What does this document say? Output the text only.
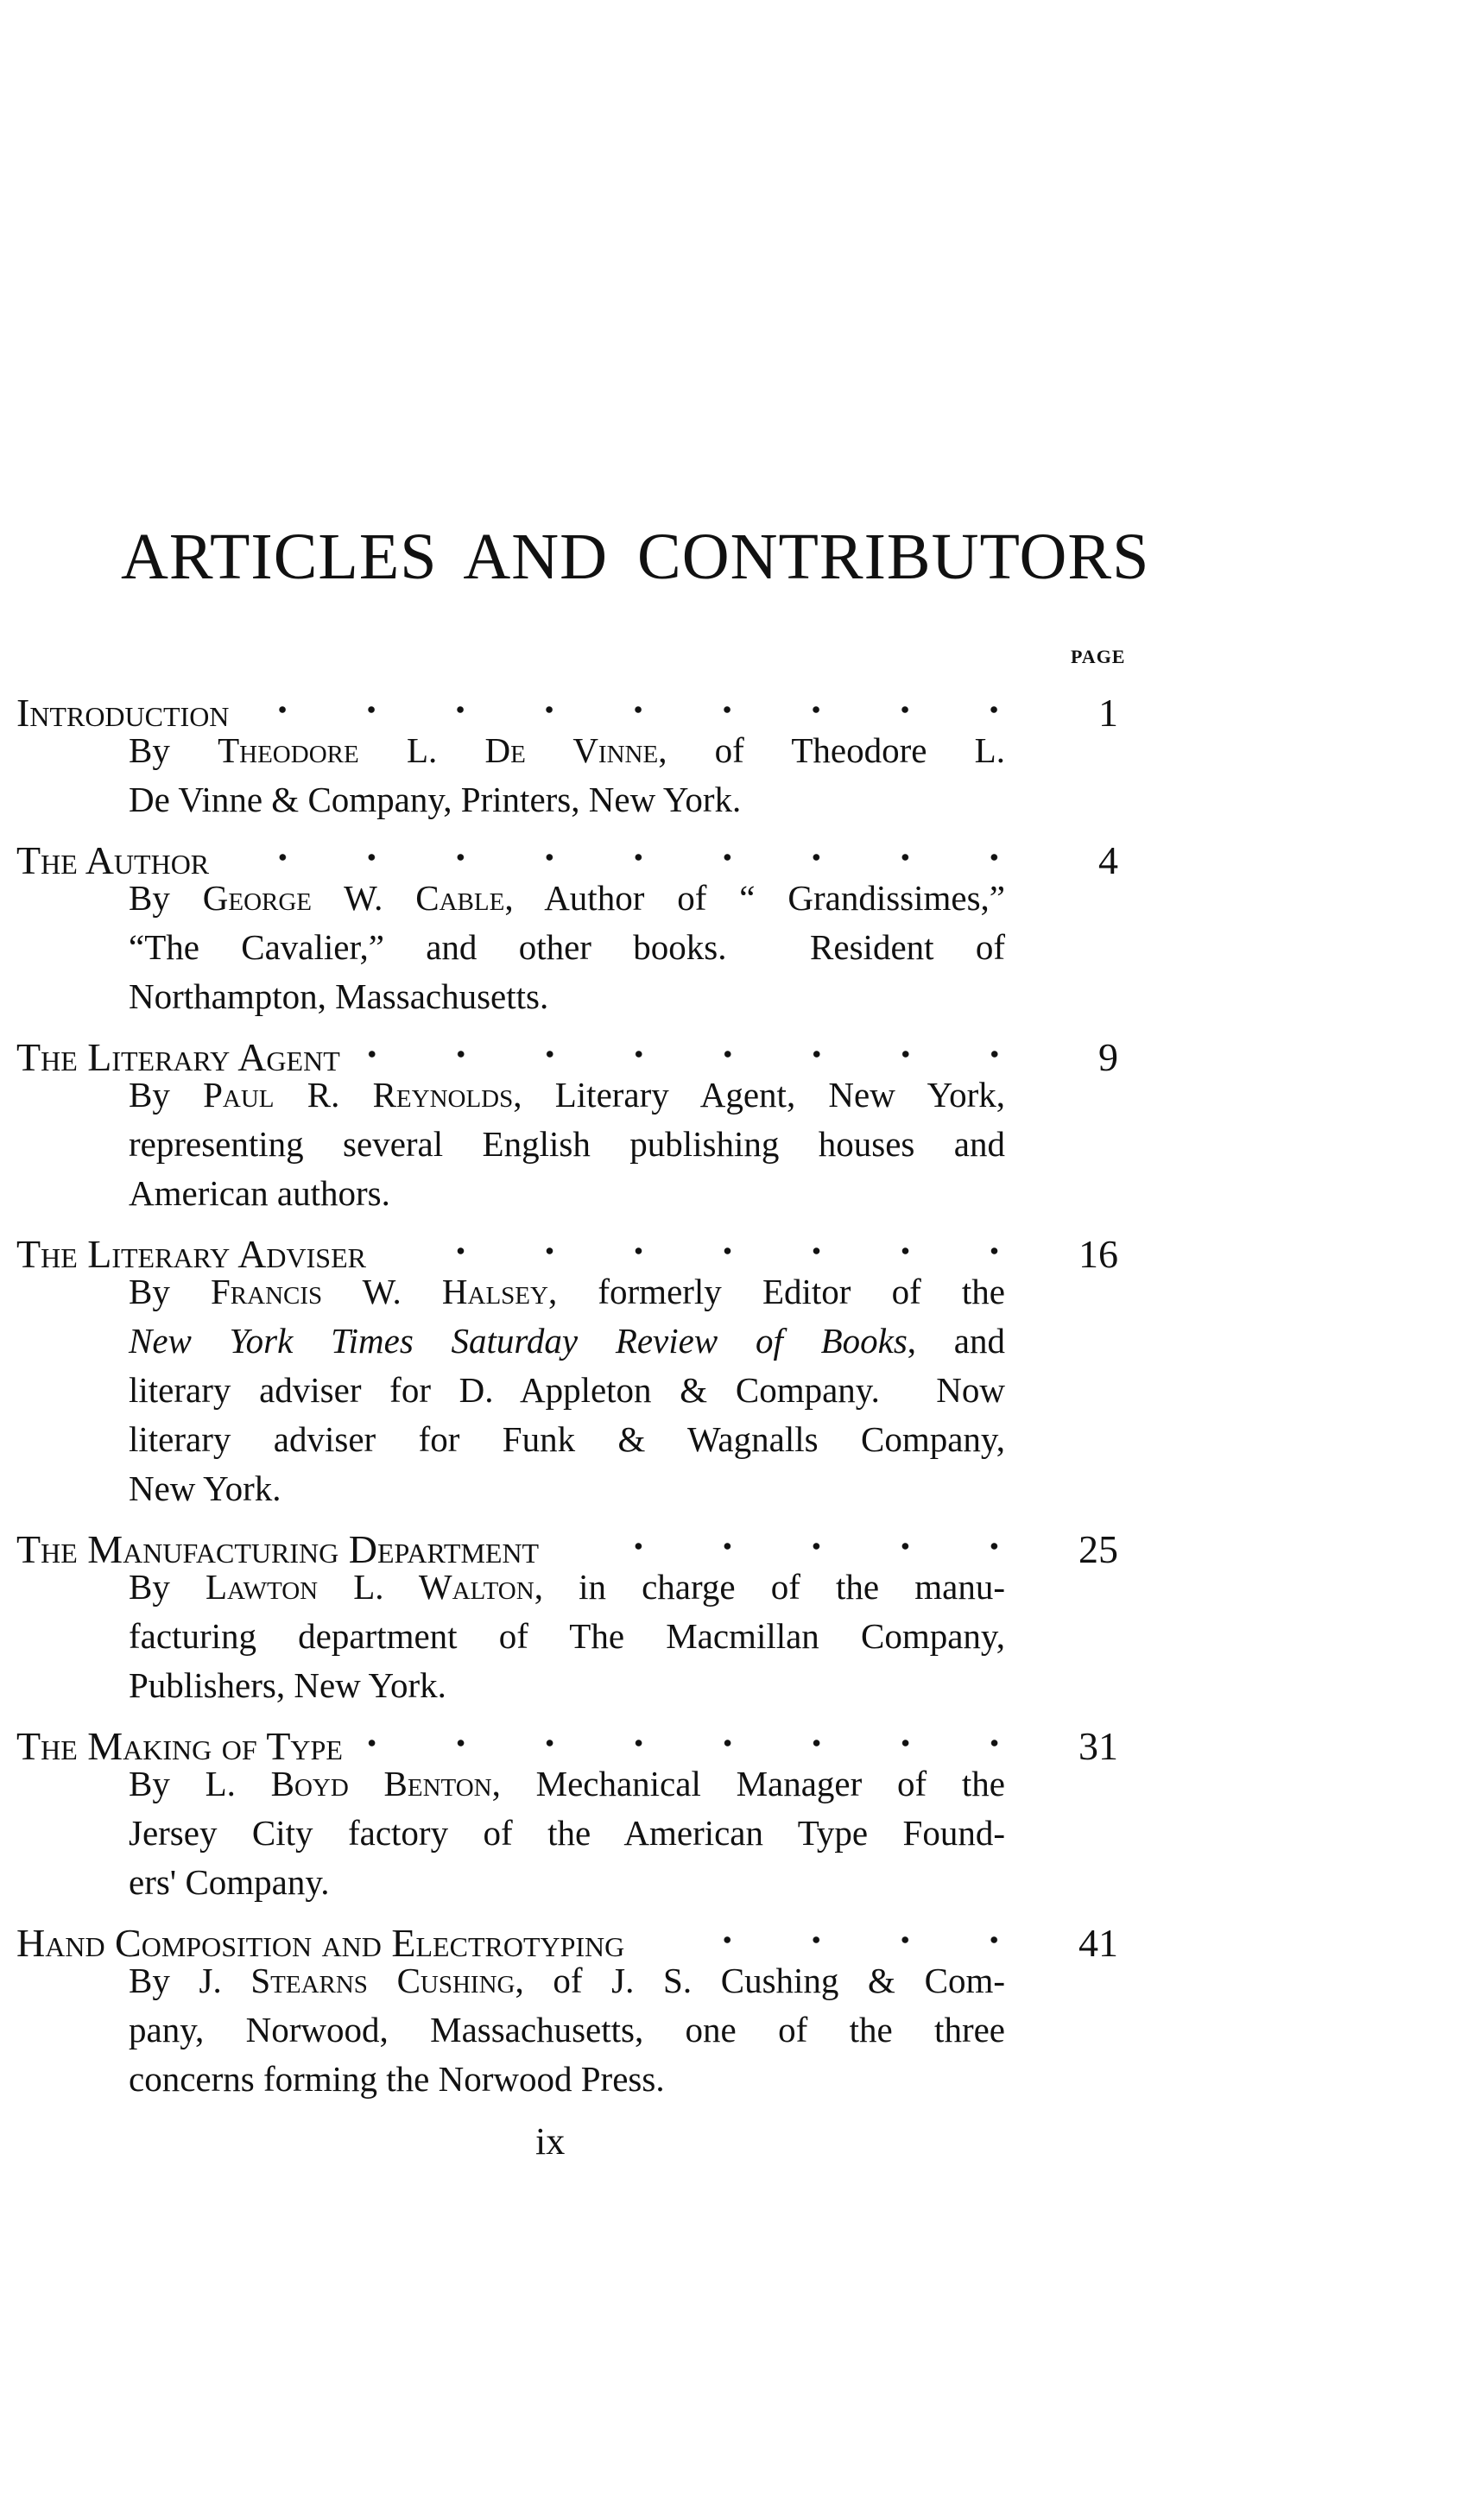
ARTICLES AND CONTRIBUTORS
PAGE
Introduction	1
By Theodore L. De Vinne, of Theodore L.
De Vinne & Company, Printers, New York.
The Author	4
By George W. Cable, Author of “ Grandissimes,”
“The Cavalier,” and other books.  Resident of
Northampton, Massachusetts.
The Literary Agent	9
By Paul R. Reynolds, Literary Agent, New York,
representing several English publishing houses and
American authors.
The Literary Adviser	16
By Francis W. Halsey, formerly Editor of the
New York Times Saturday Review of Books, and
literary adviser for D. Appleton & Company.  Now
literary adviser for Funk & Wagnalls Company,
New York.
The Manufacturing Department	25
By Lawton L. Walton, in charge of the manu-
facturing department of The Macmillan Company,
Publishers, New York.
The Making of Type	31
By L. Boyd Benton, Mechanical Manager of the
Jersey City factory of the American Type Found-
ers' Company.
Hand Composition and Electrotyping	41
By J. Stearns Cushing, of J. S. Cushing & Com-
pany, Norwood, Massachusetts, one of the three
concerns forming the Norwood Press.
ix
